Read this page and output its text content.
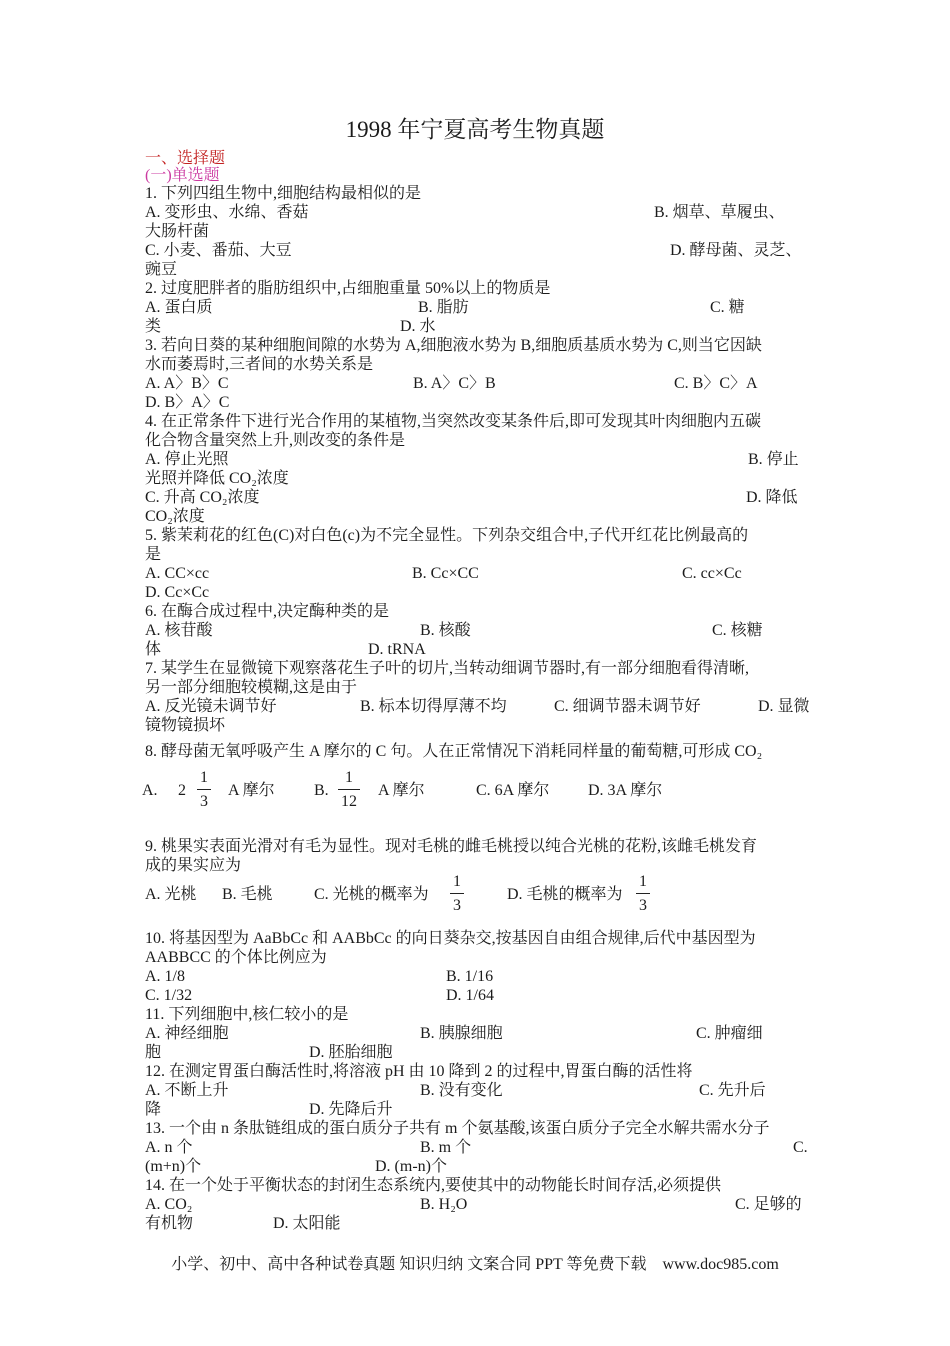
1998 年宁夏高考生物真题
一、选择题
(一)单选题
1. 下列四组生物中,细胞结构最相似的是
A. 变形虫、水绵、香菇	B. 烟草、草履虫、
大肠杆菌
C. 小麦、番茄、大豆	D. 酵母菌、灵芝、
豌豆
2. 过度肥胖者的脂肪组织中,占细胞重量 50%以上的物质是
A. 蛋白质	B. 脂肪	C. 糖
类	D. 水
3. 若向日葵的某种细胞间隙的水势为 A,细胞液水势为 B,细胞质基质水势为 C,则当它因缺
水而萎焉时,三者间的水势关系是
A. A〉B〉C	B. A〉C〉B	C. B〉C〉A
D. B〉A〉C
4. 在正常条件下进行光合作用的某植物,当突然改变某条件后,即可发现其叶肉细胞内五碳
化合物含量突然上升,则改变的条件是
A. 停止光照	B. 停止
光照并降低 CO₂浓度
C. 升高 CO₂浓度	D. 降低
CO₂浓度
5. 紫茉莉花的红色(C)对白色(c)为不完全显性。下列杂交组合中,子代开红花比例最高的
是
A. CC×cc	B. Cc×CC	C. cc×Cc
D. Cc×Cc
6. 在酶合成过程中,决定酶种类的是
A. 核苷酸	B. 核酸	C. 核糖
体	D. tRNA
7. 某学生在显微镜下观察落花生子叶的切片,当转动细调节器时,有一部分细胞看得清晰,
另一部分细胞较模糊,这是由于
A. 反光镜未调节好	B. 标本切得厚薄不均	C. 细调节器未调节好	D. 显微
镜物镜损坏
8. 酵母菌无氧呼吸产生 A 摩尔的 C 句。人在正常情况下消耗同样量的葡萄糖,可形成 CO₂
A. $2 \frac{1}{3}$ A 摩尔 B. $\frac{1}{12}$ A 摩尔	C. 6A 摩尔 D. 3A 摩尔
9. 桃果实表面光滑对有毛为显性。现对毛桃的雌毛桃授以纯合光桃的花粉,该雌毛桃发育
成的果实应为
A. 光桃 B. 毛桃	C. 光桃的概率为 $\frac{1}{3}$	D. 毛桃的概率为 $\frac{1}{3}$
10. 将基因型为 AaBbCc 和 AABbCc 的向日葵杂交,按基因自由组合规律,后代中基因型为
AABBCC 的个体比例应为
A. 1/8	B. 1/16
C. 1/32	D. 1/64
11. 下列细胞中,核仁较小的是
A. 神经细胞	B. 胰腺细胞	C. 肿瘤细
胞	D. 胚胎细胞
12. 在测定胃蛋白酶活性时,将溶液 pH 由 10 降到 2 的过程中,胃蛋白酶的活性将
A. 不断上升	B. 没有变化	C. 先升后
降	D. 先降后升
13. 一个由 n 条肽链组成的蛋白质分子共有 m 个氨基酸,该蛋白质分子完全水解共需水分子
A. n 个	B. m 个	C.
(m+n)个	D. (m-n)个
14. 在一个处于平衡状态的封闭生态系统内,要使其中的动物能长时间存活,必须提供
A. CO₂	B. H₂O	C. 足够的
有机物	D. 太阳能
小学、初中、高中各种试卷真题 知识归纳 文案合同 PPT 等免费下载 www.doc985.com
